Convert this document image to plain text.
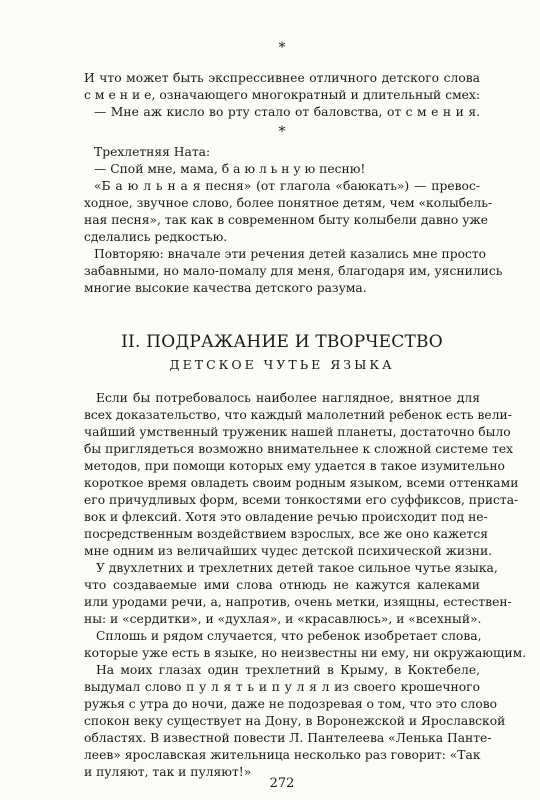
*
И что может быть экспрессивнее отличного детского слова
с м е н и е, означающего многократный и длительный смех:
— Мне аж кисло во рту стало от баловства, от с м е н и я.
*
Трехлетняя Ната:
— Спой мне, мама, б а ю л ь н у ю песню!
«Б а ю л ь н а я песня» (от глагола «баюкать») — превос-
ходное, звучное слово, более понятное детям, чем «колыбель-
ная песня», так как в современном быту колыбели давно уже
сделались редкостью.
Повторяю: вначале эти речения детей казались мне просто
забавными, но мало-помалу для меня, благодаря им, уяснились
многие высокие качества детского разума.
II. ПОДРАЖАНИЕ И ТВОРЧЕСТВО
ДЕТСКОЕ ЧУТЬЕ ЯЗЫКА
Если бы потребовалось наиболее наглядное, внятное для
всех доказательство, что каждый малолетний ребенок есть вели-
чайший умственный труженик нашей планеты, достаточно было
бы приглядеться возможно внимательнее к сложной системе тех
методов, при помощи которых ему удается в такое изумительно
короткое время овладеть своим родным языком, всеми оттенками
его причудливых форм, всеми тонкостями его суффиксов, приста-
вок и флексий. Хотя это овладение речью происходит под не-
посредственным воздействием взрослых, все же оно кажется
мне одним из величайших чудес детской психической жизни.
У двухлетних и трехлетних детей такое сильное чутье языка,
что создаваемые ими слова отнюдь не кажутся калеками
или уродами речи, а, напротив, очень метки, изящны, естествен-
ны: и «сердитки», и «духлая», и «красавлюсь», и «всехный».
Сплошь и рядом случается, что ребенок изобретает слова,
которые уже есть в языке, но неизвестны ни ему, ни окружающим.
На моих глазах один трехлетний в Крыму, в Коктебеле,
выдумал слово п у л я т ь и п у л я л из своего крошечного
ружья с утра до ночи, даже не подозревая о том, что это слово
спокон веку существует на Дону, в Воронежской и Ярославской
областях. В известной повести Л. Пантелеева «Ленька Панте-
леев» ярославская жительница несколько раз говорит: «Так
и пуляют, так и пуляют!»
272
